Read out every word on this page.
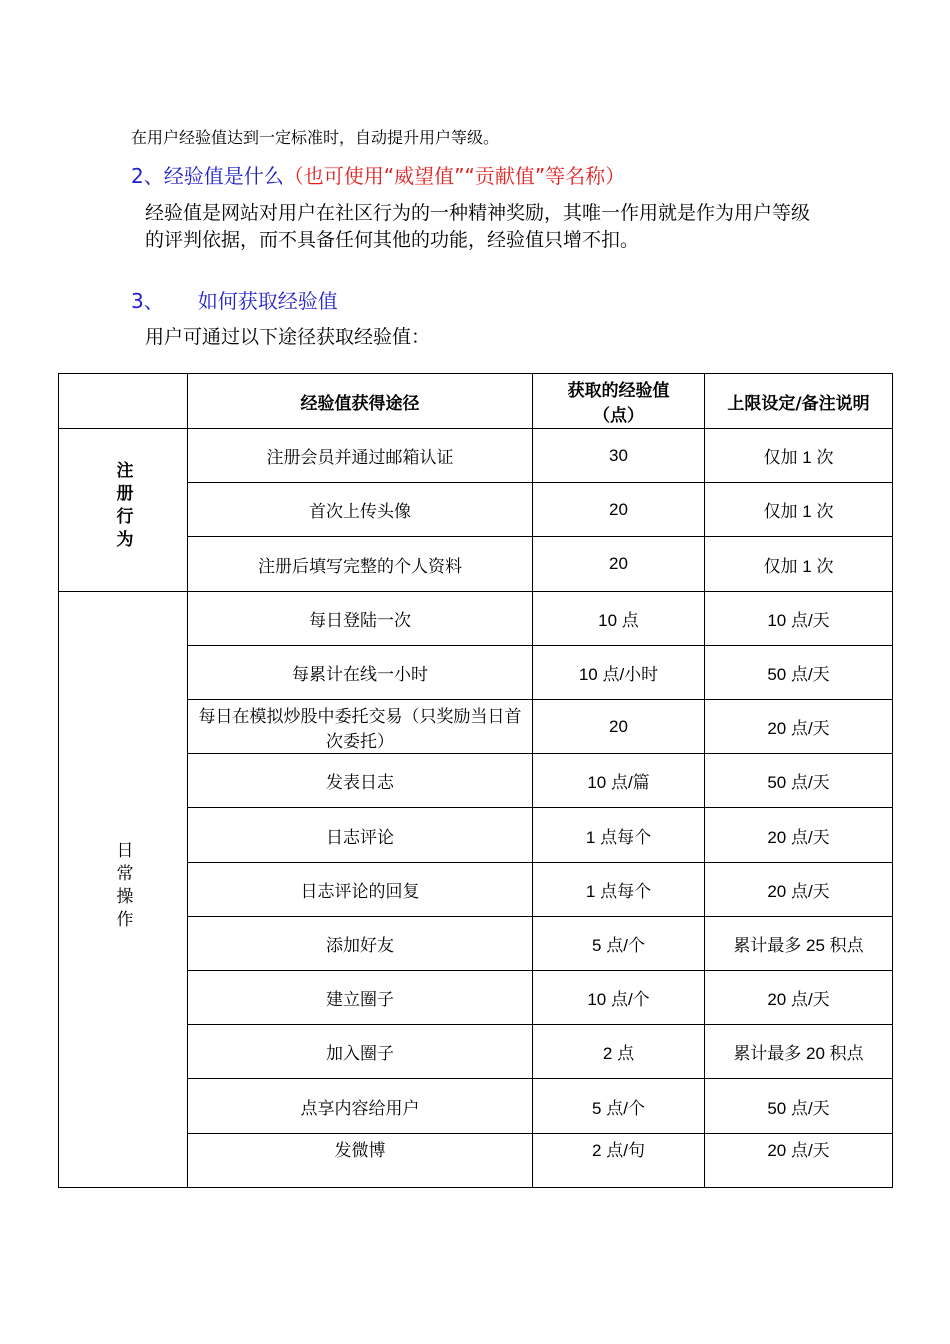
在用户经验值达到一定标准时，自动提升用户等级。
2、经验值是什么（也可使用“威望值”“贡献值”等名称）
经验值是网站对用户在社区行为的一种精神奖励，其唯一作用就是作为用户等级的评判依据，而不具备任何其他的功能，经验值只增不扣。
3、 如何获取经验值
用户可通过以下途径获取经验值：
	经验值获得途径	获取的经验值（点）	上限设定/备注说明
注册行为	注册会员并通过邮箱认证	30	仅加 1 次
	首次上传头像	20	仅加 1 次
	注册后填写完整的个人资料	20	仅加 1 次
日常操作	每日登陆一次	10 点	10 点/天
	每累计在线一小时	10 点/小时	50 点/天
	每日在模拟炒股中委托交易（只奖励当日首次委托）	20	20 点/天
	发表日志	10 点/篇	50 点/天
	日志评论	1 点每个	20 点/天
	日志评论的回复	1 点每个	20 点/天
	添加好友	5 点/个	累计最多 25 积点
	建立圈子	10 点/个	20 点/天
	加入圈子	2 点	累计最多 20 积点
	点享内容给用户	5 点/个	50 点/天
	发微博	2 点/句	20 点/天
